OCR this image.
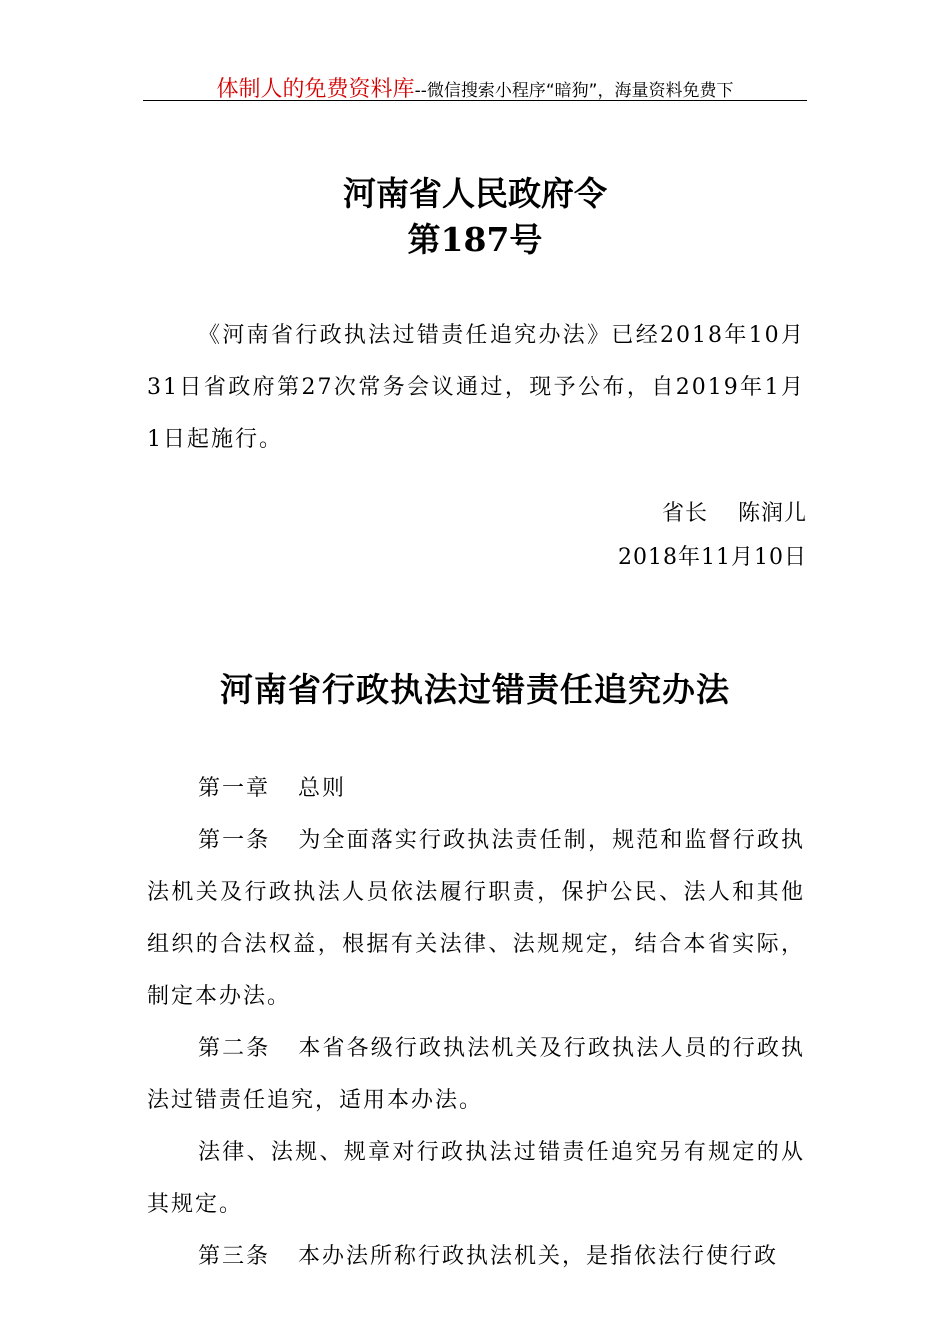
体制人的免费资料库--微信搜索小程序“暗狗”，海量资料免费下
河南省人民政府令
第187号
《河南省行政执法过错责任追究办法》已经2018年10月31日省政府第27次常务会议通过，现予公布，自2019年1月1日起施行。
省长 陈润儿
2018年11月10日
河南省行政执法过错责任追究办法

第一章 总则

第一条 为全面落实行政执法责任制，规范和监督行政执法机关及行政执法人员依法履行职责，保护公民、法人和其他组织的合法权益，根据有关法律、法规规定，结合本省实际，制定本办法。

第二条 本省各级行政执法机关及行政执法人员的行政执法过错责任追究，适用本办法。

法律、法规、规章对行政执法过错责任追究另有规定的从其规定。

第三条 本办法所称行政执法机关，是指依法行使行政
